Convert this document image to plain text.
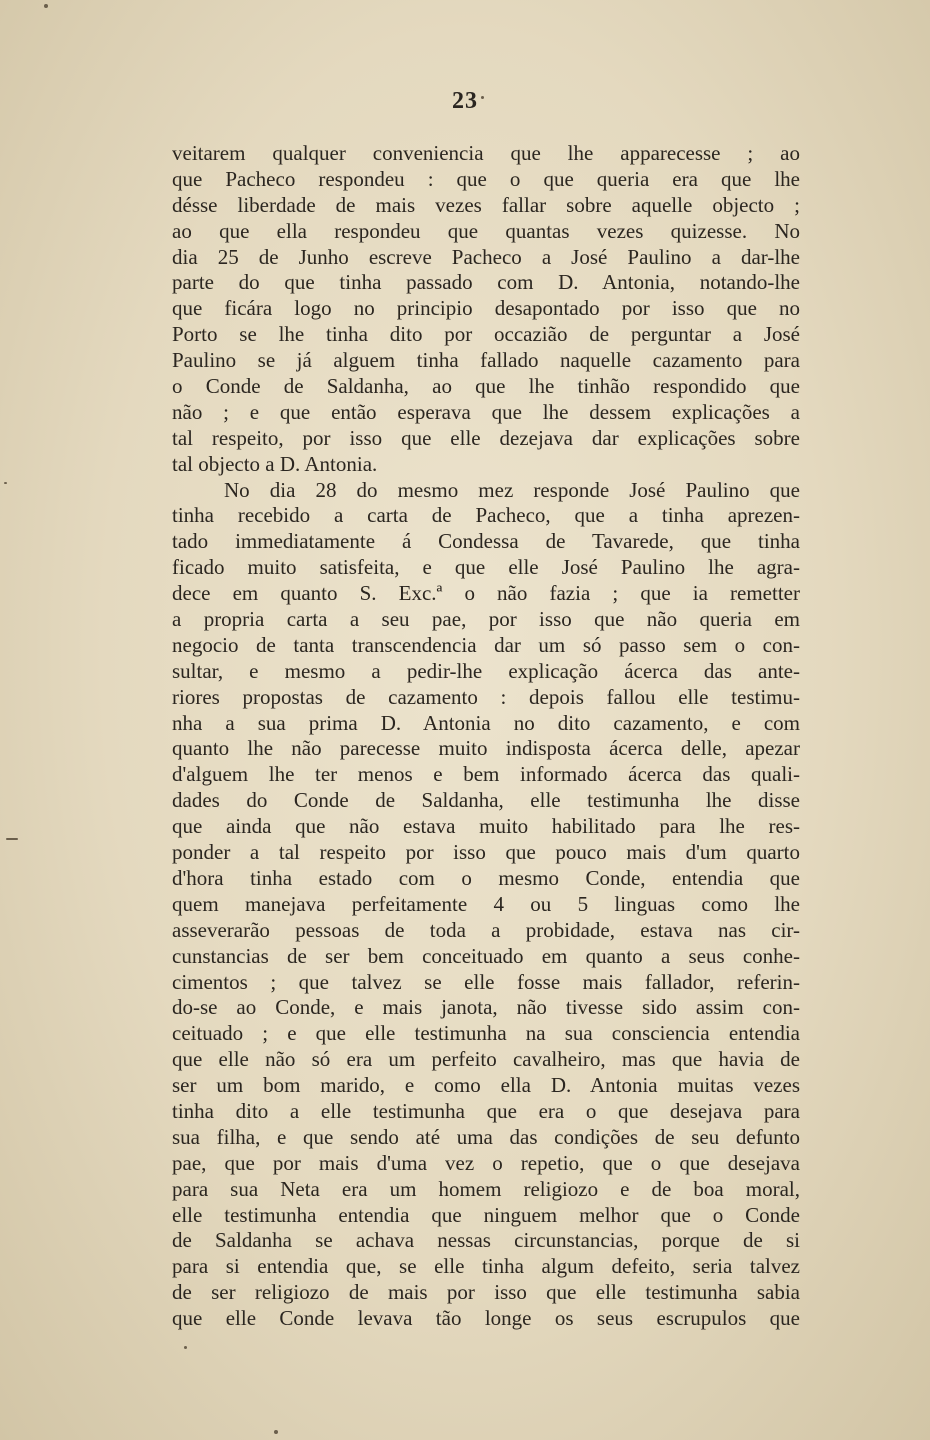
23
veitarem qualquer conveniencia que lhe apparecesse ; ao
que Pacheco respondeu : que o que queria era que lhe
désse liberdade de mais vezes fallar sobre aquelle objecto ;
ao que ella respondeu que quantas vezes quizesse. No
dia 25 de Junho escreve Pacheco a José Paulino a dar-lhe
parte do que tinha passado com D. Antonia, notando-lhe
que ficára logo no principio desapontado por isso que no
Porto se lhe tinha dito por occazião de perguntar a José
Paulino se já alguem tinha fallado naquelle cazamento para
o Conde de Saldanha, ao que lhe tinhão respondido que
não ; e que então esperava que lhe dessem explicações a
tal respeito, por isso que elle dezejava dar explicações sobre
tal objecto a D. Antonia.
No dia 28 do mesmo mez responde José Paulino que
tinha recebido a carta de Pacheco, que a tinha aprezen-
tado immediatamente á Condessa de Tavarede, que tinha
ficado muito satisfeita, e que elle José Paulino lhe agra-
dece em quanto S. Exc.ª o não fazia ; que ia remetter
a propria carta a seu pae, por isso que não queria em
negocio de tanta transcendencia dar um só passo sem o con-
sultar, e mesmo a pedir-lhe explicação ácerca das ante-
riores propostas de cazamento : depois fallou elle testimu-
nha a sua prima D. Antonia no dito cazamento, e com
quanto lhe não parecesse muito indisposta ácerca delle, apezar
d'alguem lhe ter menos e bem informado ácerca das quali-
dades do Conde de Saldanha, elle testimunha lhe disse
que ainda que não estava muito habilitado para lhe res-
ponder a tal respeito por isso que pouco mais d'um quarto
d'hora tinha estado com o mesmo Conde, entendia que
quem manejava perfeitamente 4 ou 5 linguas como lhe
asseverarão pessoas de toda a probidade, estava nas cir-
cunstancias de ser bem conceituado em quanto a seus conhe-
cimentos ; que talvez se elle fosse mais fallador, referin-
do-se ao Conde, e mais janota, não tivesse sido assim con-
ceituado ; e que elle testimunha na sua consciencia entendia
que elle não só era um perfeito cavalheiro, mas que havia de
ser um bom marido, e como ella D. Antonia muitas vezes
tinha dito a elle testimunha que era o que desejava para
sua filha, e que sendo até uma das condições de seu defunto
pae, que por mais d'uma vez o repetio, que o que desejava
para sua Neta era um homem religiozo e de boa moral,
elle testimunha entendia que ninguem melhor que o Conde
de Saldanha se achava nessas circunstancias, porque de si
para si entendia que, se elle tinha algum defeito, seria talvez
de ser religiozo de mais por isso que elle testimunha sabia
que elle Conde levava tão longe os seus escrupulos que
